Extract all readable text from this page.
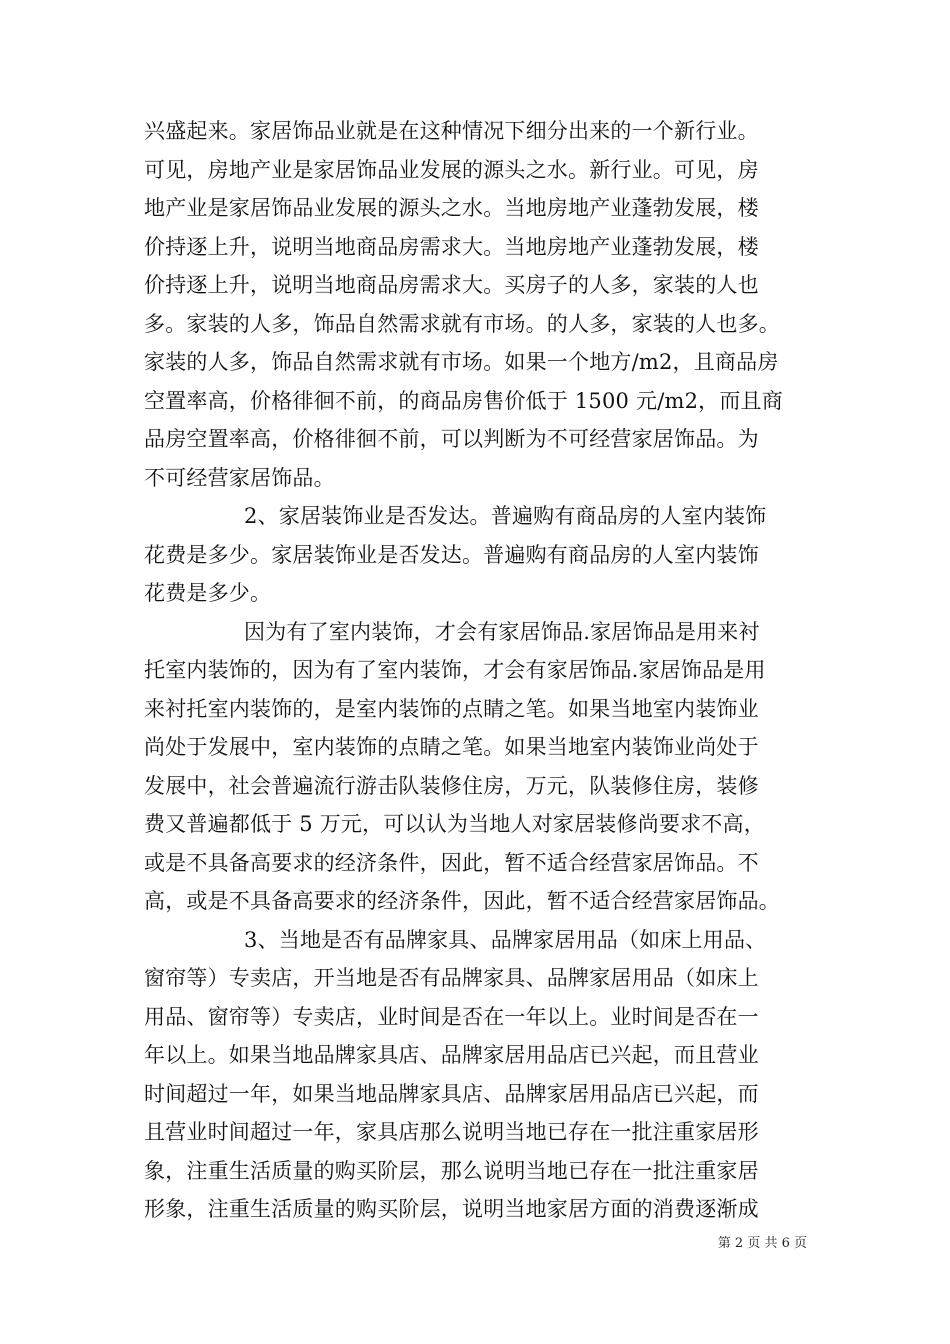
兴盛起来。家居饰品业就是在这种情况下细分出来的一个新行业。
可见，房地产业是家居饰品业发展的源头之水。新行业。可见，房
地产业是家居饰品业发展的源头之水。当地房地产业蓬勃发展，楼
价持逐上升，说明当地商品房需求大。当地房地产业蓬勃发展，楼
价持逐上升，说明当地商品房需求大。买房子的人多，家装的人也
多。家装的人多，饰品自然需求就有市场。的人多，家装的人也多。
家装的人多，饰品自然需求就有市场。如果一个地方/m2，且商品房
空置率高，价格徘徊不前，的商品房售价低于 1500 元/m2，而且商
品房空置率高，价格徘徊不前，可以判断为不可经营家居饰品。为
不可经营家居饰品。
2、家居装饰业是否发达。普遍购有商品房的人室内装饰
花费是多少。家居装饰业是否发达。普遍购有商品房的人室内装饰
花费是多少。
因为有了室内装饰，才会有家居饰品.家居饰品是用来衬
托室内装饰的，因为有了室内装饰，才会有家居饰品.家居饰品是用
来衬托室内装饰的，是室内装饰的点睛之笔。如果当地室内装饰业
尚处于发展中，室内装饰的点睛之笔。如果当地室内装饰业尚处于
发展中，社会普遍流行游击队装修住房，万元，队装修住房，装修
费又普遍都低于 5 万元，可以认为当地人对家居装修尚要求不高，
或是不具备高要求的经济条件，因此，暂不适合经营家居饰品。不
高，或是不具备高要求的经济条件，因此，暂不适合经营家居饰品。
3、当地是否有品牌家具、品牌家居用品（如床上用品、
窗帘等）专卖店，开当地是否有品牌家具、品牌家居用品（如床上
用品、窗帘等）专卖店，业时间是否在一年以上。业时间是否在一
年以上。如果当地品牌家具店、品牌家居用品店已兴起，而且营业
时间超过一年，如果当地品牌家具店、品牌家居用品店已兴起，而
且营业时间超过一年，家具店那么说明当地已存在一批注重家居形
象，注重生活质量的购买阶层，那么说明当地已存在一批注重家居
形象，注重生活质量的购买阶层，说明当地家居方面的消费逐渐成
第 2 页 共 6 页
